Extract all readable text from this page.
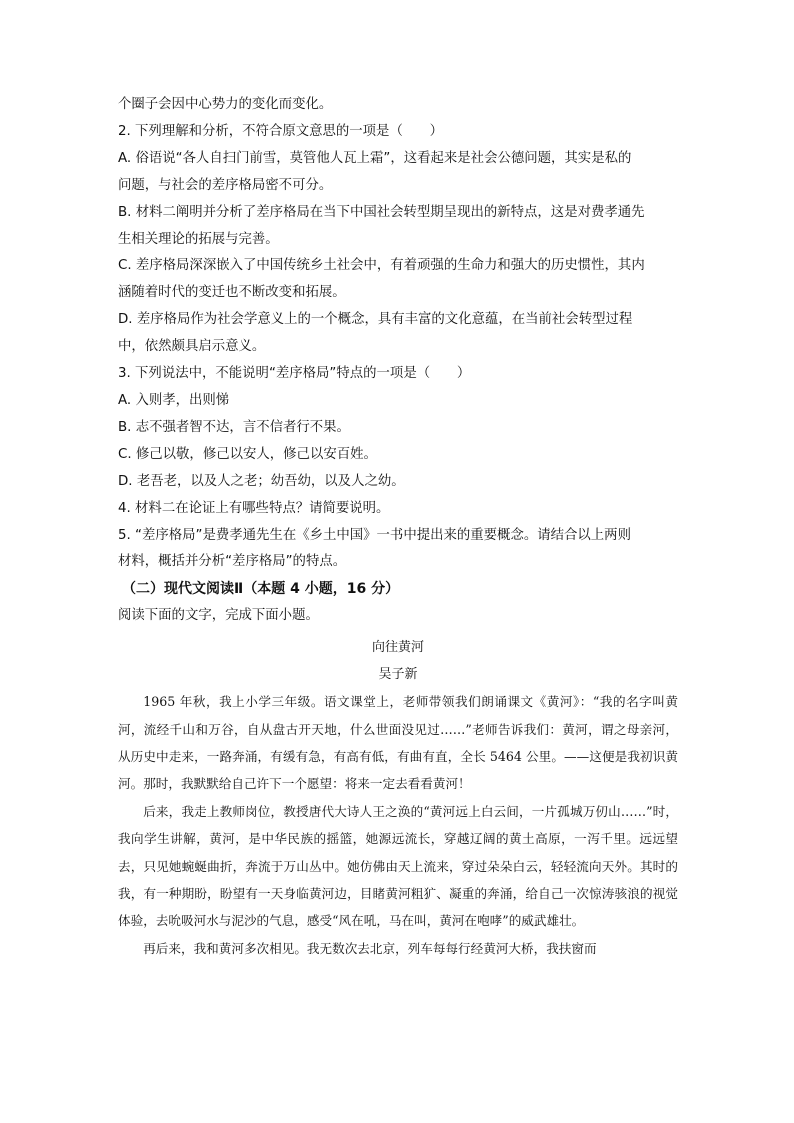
个圈子会因中心势力的变化而变化。
2. 下列理解和分析，不符合原文意思的一项是（　　）
A. 俗语说“各人自扫门前雪，莫管他人瓦上霜”，这看起来是社会公德问题，其实是私的
问题，与社会的差序格局密不可分。
B. 材料二阐明并分析了差序格局在当下中国社会转型期呈现出的新特点，这是对费孝通先
生相关理论的拓展与完善。
C. 差序格局深深嵌入了中国传统乡土社会中，有着顽强的生命力和强大的历史惯性，其内
涵随着时代的变迁也不断改变和拓展。
D. 差序格局作为社会学意义上的一个概念，具有丰富的文化意蕴，在当前社会转型过程
中，依然颇具启示意义。
3. 下列说法中，不能说明“差序格局”特点的一项是（　　）
A. 入则孝，出则悌
B. 志不强者智不达，言不信者行不果。
C. 修己以敬，修己以安人，修己以安百姓。
D. 老吾老，以及人之老；幼吾幼，以及人之幼。
4. 材料二在论证上有哪些特点？请简要说明。
5. “差序格局”是费孝通先生在《乡土中国》一书中提出来的重要概念。请结合以上两则
材料，概括并分析“差序格局”的特点。
（二）现代文阅读Ⅱ（本题 4 小题，16 分）
阅读下面的文字，完成下面小题。
向往黄河
吴子新

1965 年秋，我上小学三年级。语文课堂上，老师带领我们朗诵课文《黄河》：“我的名字叫黄河，流经千山和万谷，自从盘古开天地，什么世面没见过……”老师告诉我们：黄河，谓之母亲河，从历史中走来，一路奔涌，有缓有急，有高有低，有曲有直，全长 5464 公里。——这便是我初识黄河。那时，我默默给自己许下一个愿望：将来一定去看看黄河！

后来，我走上教师岗位，教授唐代大诗人王之涣的“黄河远上白云间，一片孤城万仞山……”时，我向学生讲解，黄河，是中华民族的摇篮，她源远流长，穿越辽阔的黄土高原，一泻千里。远远望去，只见她蜿蜒曲折，奔流于万山丛中。她仿佛由天上流来，穿过朵朵白云，轻轻流向天外。其时的我，有一种期盼，盼望有一天身临黄河边，目睹黄河粗犷、凝重的奔涌，给自己一次惊涛骇浪的视觉体验，去吮吸河水与泥沙的气息，感受“风在吼，马在叫，黄河在咆哮”的威武雄壮。

再后来，我和黄河多次相见。我无数次去北京，列车每每行经黄河大桥，我扶窗而
